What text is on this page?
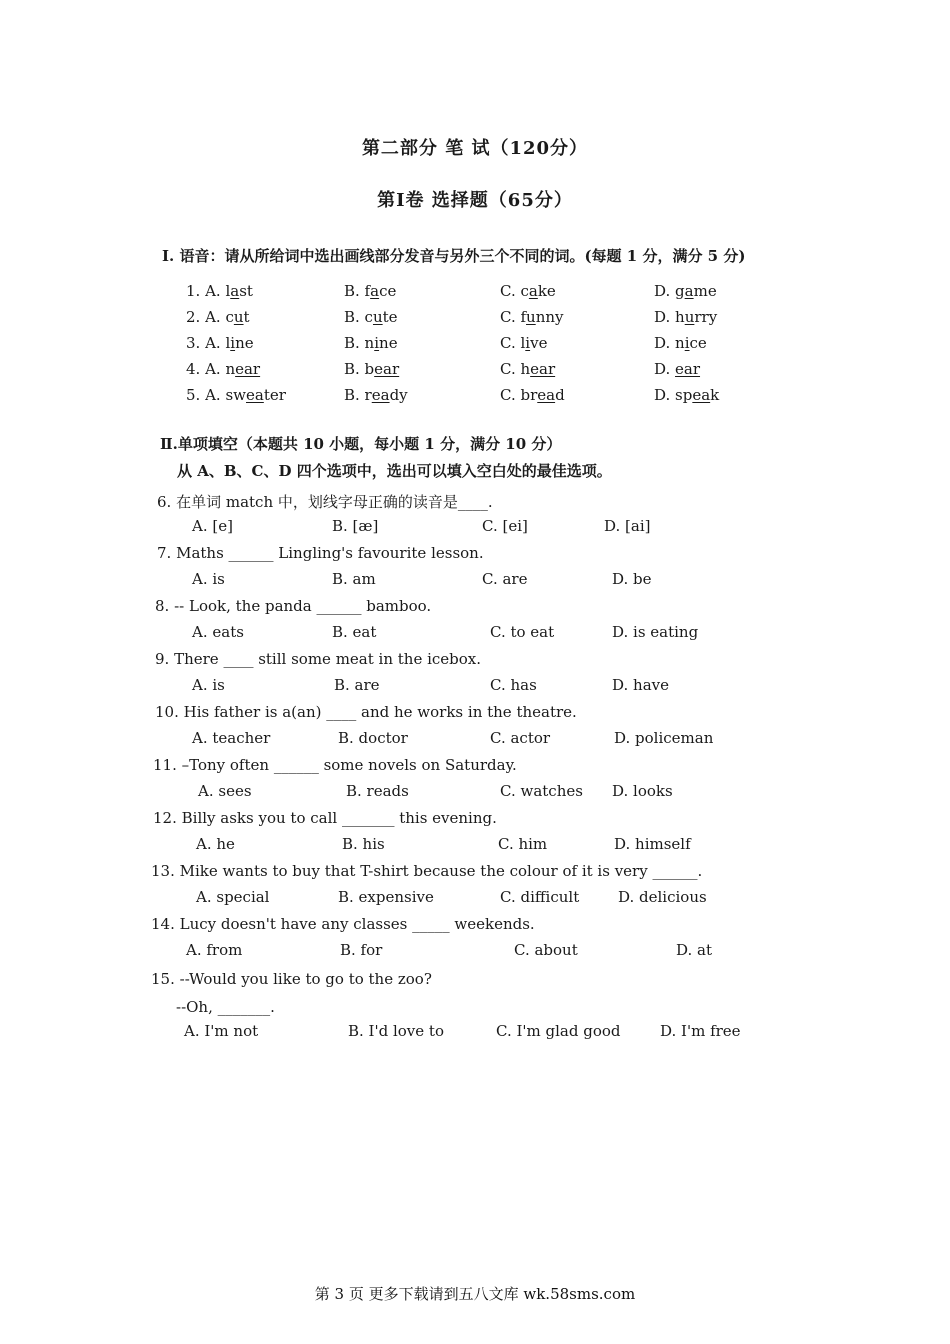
第二部分 笔 试（120分）
第Ⅰ卷 选择题（65分）
Ⅰ. 语音：请从所给词中选出画线部分发音与另外三个不同的词。(每题 1 分，满分 5 分)
1. A. last	B. face	C. cake	D. game
2. A. cut	B. cute	C. funny	D. hurry
3. A. line	B. nine	C. live	D. nice
4. A. near	B. bear	C. hear	D. ear
5. A. sweater	B. ready	C. bread	D. speak
Ⅱ.单项填空（本题共 10 小题，每小题 1 分，满分 10 分）
从 A、B、C、D 四个选项中，选出可以填入空白处的最佳选项。
6. 在单词 match 中，划线字母正确的读音是____.
A. [e]	B. [æ]	C. [ei]	D. [ai]
7. Maths ______ Lingling's favourite lesson.
A. is	B. am	C. are	D. be
8. -- Look, the panda ______ bamboo.
A. eats	B. eat	C. to eat	D. is eating
9. There ____ still some meat in the icebox.
A. is	B. are	C. has	D. have
10. His father is a(an) ____ and he works in the theatre.
A. teacher	B. doctor	C. actor	D. policeman
11. –Tony often ______ some novels on Saturday.
A. sees	B. reads	C. watches D. looks
12. Billy asks you to call _______ this evening.
A. he	B. his	C. him	D. himself
13. Mike wants to buy that T-shirt because the colour of it is very ______.
A. special	B. expensive	C. difficult	D. delicious
14. Lucy doesn't have any classes _____ weekends.
A. from	B. for	C. about	D. at
15. --Would you like to go to the zoo?
--Oh, _______.
A. I'm not	B. I'd love to	C. I'm glad good	D. I'm free
第 3 页 更多下载请到五八文库 wk.58sms.com
